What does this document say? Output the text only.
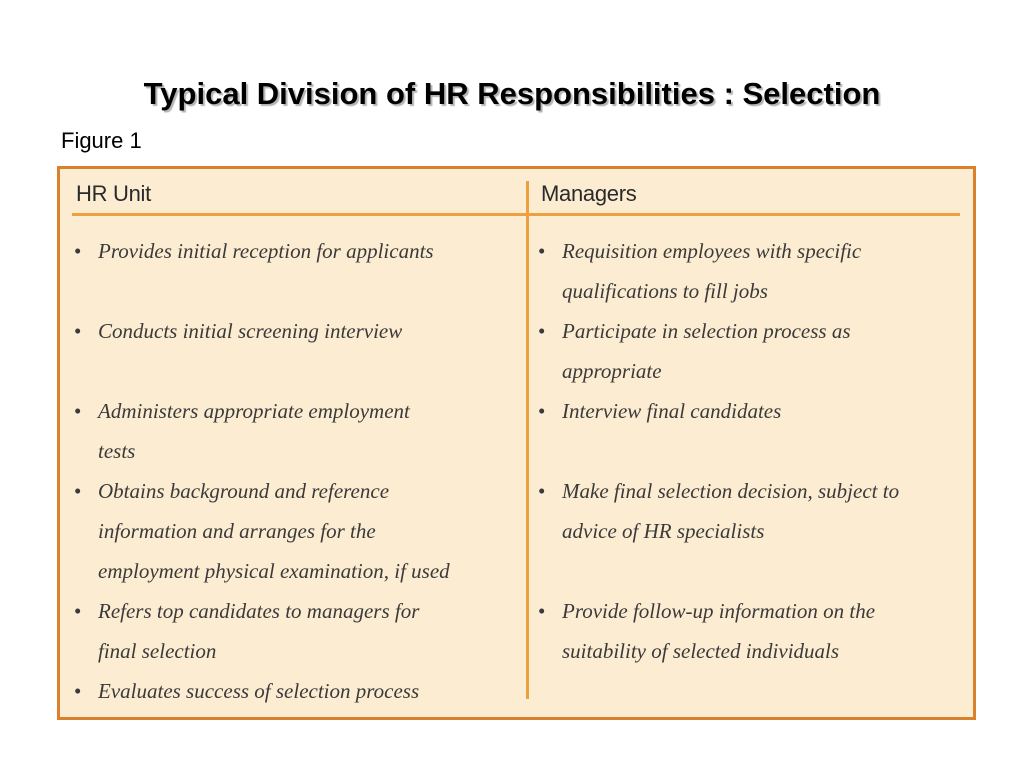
Typical Division of HR Responsibilities : Selection
Figure 1
HR Unit	Managers
• Provides initial reception for applicants
• Conducts initial screening interview
• Administers appropriate employment
tests
• Obtains background and reference
information and arranges for the
employment physical examination, if used
• Refers top candidates to managers for
final selection
• Evaluates success of selection process
• Requisition employees with specific
qualifications to fill jobs
• Participate in selection process as
appropriate
• Interview final candidates
• Make final selection decision, subject to
advice of HR specialists
• Provide follow-up information on the
suitability of selected individuals
